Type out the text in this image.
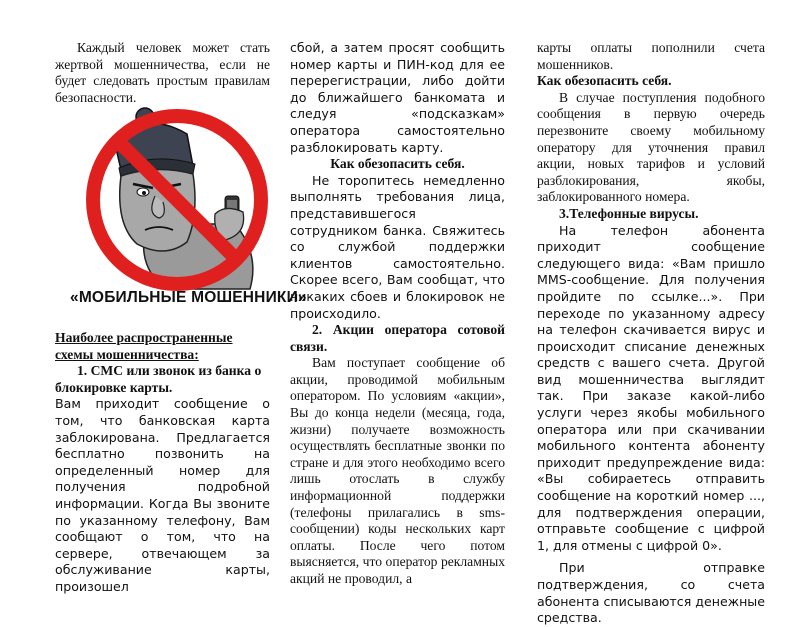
Каждый человек может стать жертвой мошенничества, если не будет следовать простым правилам безопасности.

«МОБИЛЬНЫЕ МОШЕННИКИ»

Наиболее распространенные схемы мошенничества:

1. СМС или звонок из банка о блокировке карты.

Вам приходит сообщение о том, что банковская карта заблокирована. Предлагается бесплатно позвонить на определенный номер для получения подробной информации. Когда Вы звоните по указанному телефону, Вам сообщают о том, что на сервере, отвечающем за обслуживание карты, произошел

сбой, а затем просят сообщить номер карты и ПИН-код для ее перерегистрации, либо дойти до ближайшего банкомата и следуя «подсказкам» оператора самостоятельно разблокировать карту.

Как обезопасить себя.

Не торопитесь немедленно выполнять требования лица, представившегося сотрудником банка. Свяжитесь со службой поддержки клиентов самостоятельно. Скорее всего, Вам сообщат, что никаких сбоев и блокировок не происходило.

2. Акции оператора сотовой связи.

Вам поступает сообщение об акции, проводимой мобильным оператором. По условиям «акции», Вы до конца недели (месяца, года, жизни) получаете возможность осуществлять бесплатные звонки по стране и для этого необходимо всего лишь отослать в службу информационной поддержки (телефоны прилагались в sms-сообщении) коды нескольких карт оплаты. После чего потом выясняется, что оператор рекламных акций не проводил, а

карты оплаты пополнили счета мошенников.

Как обезопасить себя.

В случае поступления подобного сообщения в первую очередь перезвоните своему мобильному оператору для уточнения правил акции, новых тарифов и условий разблокирования, якобы, заблокированного номера.

3.Телефонные вирусы.

На телефон абонента приходит сообщение следующего вида: «Вам пришло MMS-сообщение. Для получения пройдите по ссылке...». При переходе по указанному адресу на телефон скачивается вирус и происходит списание денежных средств с вашего счета. Другой вид мошенничества выглядит так. При заказе какой-либо услуги через якобы мобильного оператора или при скачивании мобильного контента абоненту приходит предупреждение вида: «Вы собираетесь отправить сообщение на короткий номер ..., для подтверждения операции, отправьте сообщение с цифрой 1, для отмены с цифрой 0».

При отправке подтверждения, со счета абонента списываются денежные средства.
